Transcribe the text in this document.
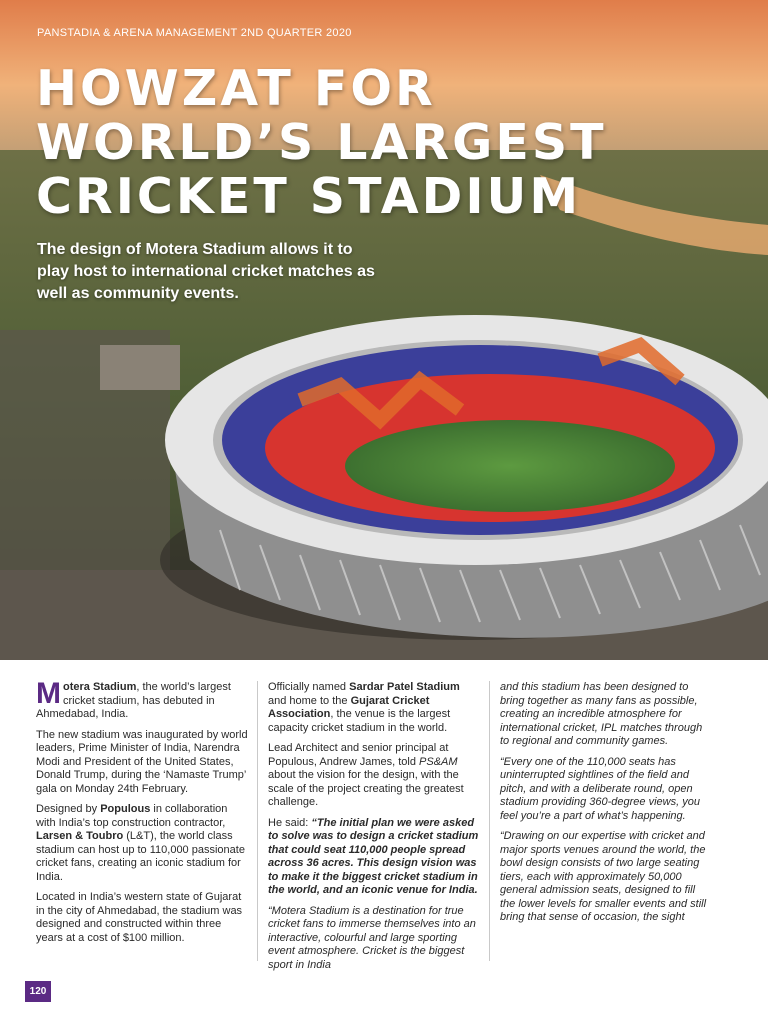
PANSTADIA & ARENA MANAGEMENT 2ND QUARTER 2020
HOWZAT FOR
WORLD’S LARGEST
CRICKET STADIUM

The design of Motera Stadium allows it to play host to international cricket matches as well as community events.

Motera Stadium, the world’s largest cricket stadium, has debuted in Ahmedabad, India.

The new stadium was inaugurated by world leaders, Prime Minister of India, Narendra Modi and President of the United States, Donald Trump, during the ‘Namaste Trump’ gala on Monday 24th February.

Designed by Populous in collaboration with India’s top construction contractor, Larsen & Toubro (L&T), the world class stadium can host up to 110,000 passionate cricket fans, creating an iconic stadium for India.

Located in India’s western state of Gujarat in the city of Ahmedabad, the stadium was designed and constructed within three years at a cost of $100 million.

Officially named Sardar Patel Stadium and home to the Gujarat Cricket Association, the venue is the largest capacity cricket stadium in the world.

Lead Architect and senior principal at Populous, Andrew James, told PS&AM about the vision for the design, with the scale of the project creating the greatest challenge.

He said: “The initial plan we were asked to solve was to design a cricket stadium that could seat 110,000 people spread across 36 acres. This design vision was to make it the biggest cricket stadium in the world, and an iconic venue for India.

“Motera Stadium is a destination for true cricket fans to immerse themselves into an interactive, colourful and large sporting event atmosphere. Cricket is the biggest sport in India

and this stadium has been designed to bring together as many fans as possible, creating an incredible atmosphere for international cricket, IPL matches through to regional and community games.

“Every one of the 110,000 seats has uninterrupted sightlines of the field and pitch, and with a deliberate round, open stadium providing 360-degree views, you feel you’re a part of what’s happening.

“Drawing on our expertise with cricket and major sports venues around the world, the bowl design consists of two large seating tiers, each with approximately 50,000 general admission seats, designed to fill the lower levels for smaller events and still bring that sense of occasion, the sight

120
